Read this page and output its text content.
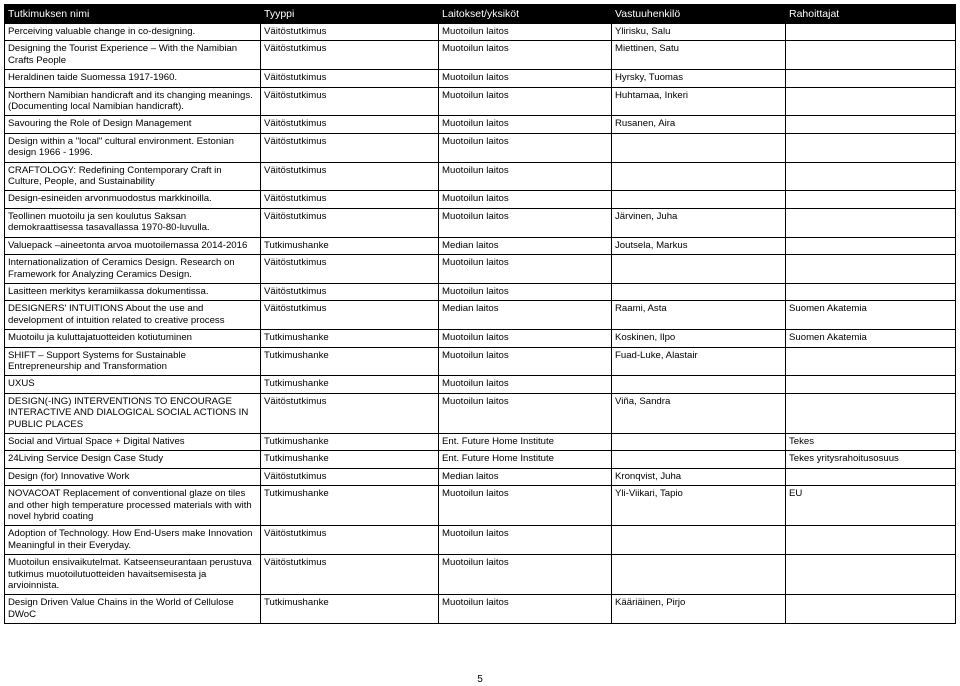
Tutkimuksen nimi	Tyyppi	Laitokset/yksiköt	Vastuuhenkilö	Rahoittajat
Perceiving valuable change in co-designing.	Väitöstutkimus	Muotoilun laitos	Ylirisku, Salu	
Designing the Tourist Experience – With the Namibian Crafts People	Väitöstutkimus	Muotoilun laitos	Miettinen, Satu	
Heraldinen taide Suomessa 1917-1960.	Väitöstutkimus	Muotoilun laitos	Hyrsky, Tuomas	
Northern Namibian handicraft and its changing meanings. (Documenting local Namibian handicraft).	Väitöstutkimus	Muotoilun laitos	Huhtamaa, Inkeri	
Savouring the Role of Design Management	Väitöstutkimus	Muotoilun laitos	Rusanen, Aira	
Design within a "local" cultural environment. Estonian design 1966 - 1996.	Väitöstutkimus	Muotoilun laitos		
CRAFTOLOGY: Redefining Contemporary Craft in Culture, People, and Sustainability	Väitöstutkimus	Muotoilun laitos		
Design-esineiden arvonmuodostus markkinoilla.	Väitöstutkimus	Muotoilun laitos		
Teollinen muotoilu ja sen koulutus Saksan demokraattisessa tasavallassa 1970-80-luvulla.	Väitöstutkimus	Muotoilun laitos	Järvinen, Juha	
Valuepack –aineetonta arvoa muotoilemassa 2014-2016	Tutkimushanke	Median laitos	Joutsela, Markus	
Internationalization of Ceramics Design. Research on Framework for Analyzing Ceramics Design.	Väitöstutkimus	Muotoilun laitos		
Lasitteen merkitys keramiikassa dokumentissa.	Väitöstutkimus	Muotoilun laitos		
DESIGNERS' INTUITIONS About the use and development of intuition related to creative process	Väitöstutkimus	Median laitos	Raami, Asta	Suomen Akatemia
Muotoilu ja kuluttajatuotteiden kotiutuminen	Tutkimushanke	Muotoilun laitos	Koskinen, Ilpo	Suomen Akatemia
SHIFT – Support Systems for Sustainable Entrepreneurship and Transformation	Tutkimushanke	Muotoilun laitos	Fuad-Luke, Alastair	
UXUS	Tutkimushanke	Muotoilun laitos		
DESIGN(-ING) INTERVENTIONS TO ENCOURAGE INTERACTIVE AND DIALOGICAL SOCIAL ACTIONS IN PUBLIC PLACES	Väitöstutkimus	Muotoilun laitos	Viña, Sandra	
Social and Virtual Space + Digital Natives	Tutkimushanke	Ent. Future Home Institute		Tekes
24Living Service Design Case Study	Tutkimushanke	Ent. Future Home Institute		Tekes yritysrahoitusosuus
Design (for) Innovative Work	Väitöstutkimus	Median laitos	Kronqvist, Juha	
NOVACOAT Replacement of conventional glaze on tiles and other high temperature processed materials with with novel hybrid coating	Tutkimushanke	Muotoilun laitos	Yli-Viikari, Tapio	EU
Adoption of Technology. How End-Users make Innovation Meaningful in their Everyday.	Väitöstutkimus	Muotoilun laitos		
Muotoilun ensivaikutelmat. Katseenseurantaan perustuva tutkimus muotoilutuotteiden havaitsemisesta ja arvioinnista.	Väitöstutkimus	Muotoilun laitos		
Design Driven Value Chains in the World of Cellulose DWoC	Tutkimushanke	Muotoilun laitos	Kääriäinen, Pirjo	
5
